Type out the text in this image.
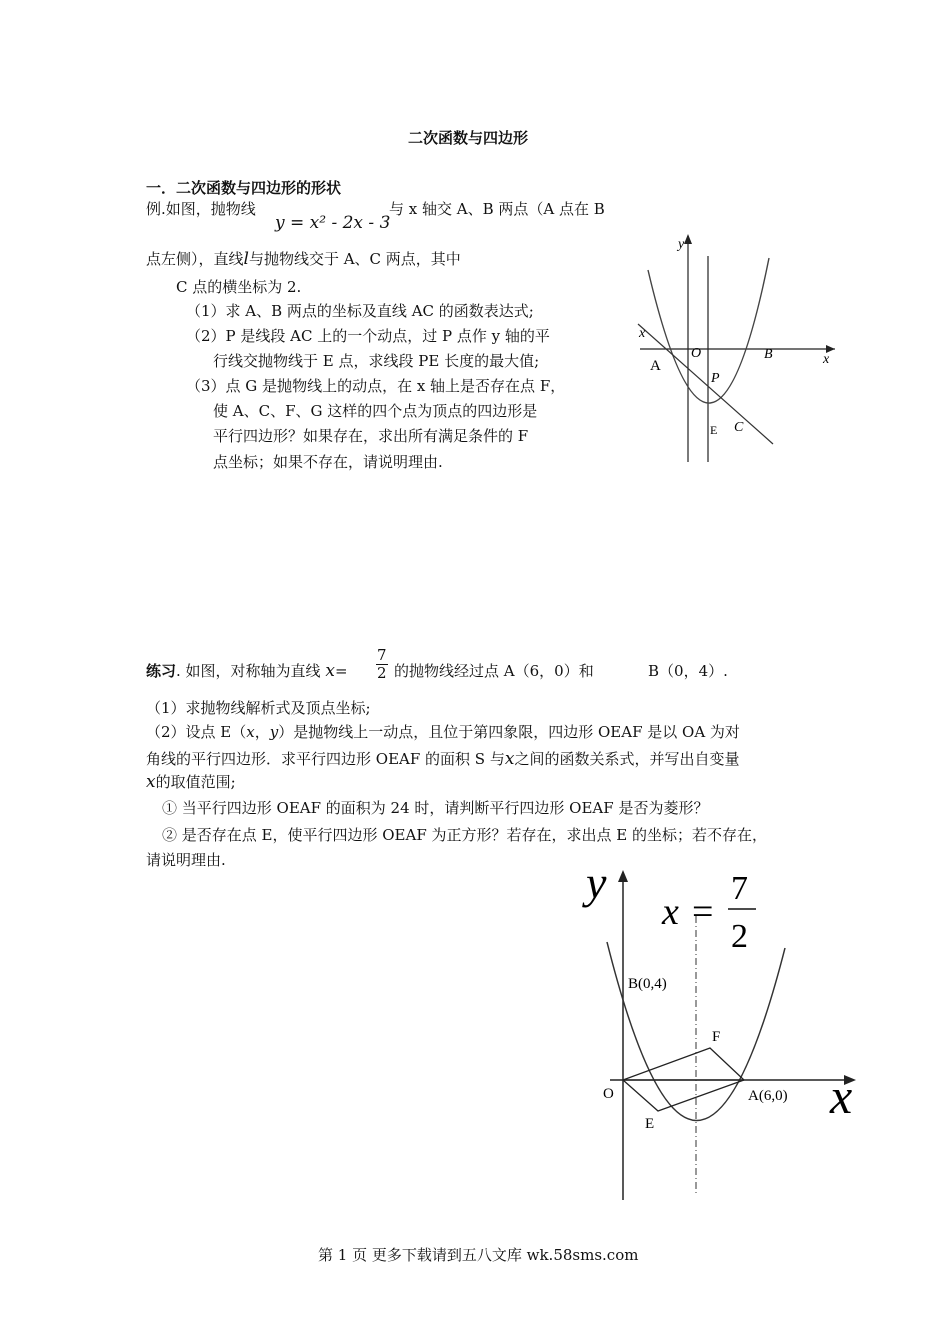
二次函数与四边形
一．二次函数与四边形的形状
例.如图，抛物线
y = x² - 2x - 3
与 x 轴交 A、B 两点（A 点在 B
点左侧），直线l与抛物线交于 A、C 两点，其中
C 点的横坐标为 2.
（1）求 A、B 两点的坐标及直线 AC 的函数表达式;
（2）P 是线段 AC 上的一个动点，过 P 点作 y 轴的平
行线交抛物线于 E 点，求线段 PE 长度的最大值;
（3）点 G 是抛物线上的动点，在 x 轴上是否存在点 F，
使 A、C、F、G 这样的四个点为顶点的四边形是
平行四边形？如果存在，求出所有满足条件的 F
点坐标；如果不存在，请说明理由.
x
y
A
O	B	x
P
E C
练习. 如图，对称轴为直线 $x= \frac{7}{2}$ 的抛物线经过点 A（6，0）和	B（0，4）.
（1）求抛物线解析式及顶点坐标;
（2）设点 E（x，y）是抛物线上一动点，且位于第四象限，四边形 OEAF 是以 OA 为对
角线的平行四边形．求平行四边形 OEAF 的面积 S 与x之间的函数关系式，并写出自变量
x的取值范围;
① 当平行四边形 OEAF 的面积为 24 时，请判断平行四边形 OEAF 是否为菱形？
② 是否存在点 E，使平行四边形 OEAF 为正方形？若存在，求出点 E 的坐标；若不存在，
请说明理由.	y
x =
7
2
B(0,4)
F
O	A(6,0)
E	x
第 1 页 更多下载请到五八文库 wk.58sms.com
